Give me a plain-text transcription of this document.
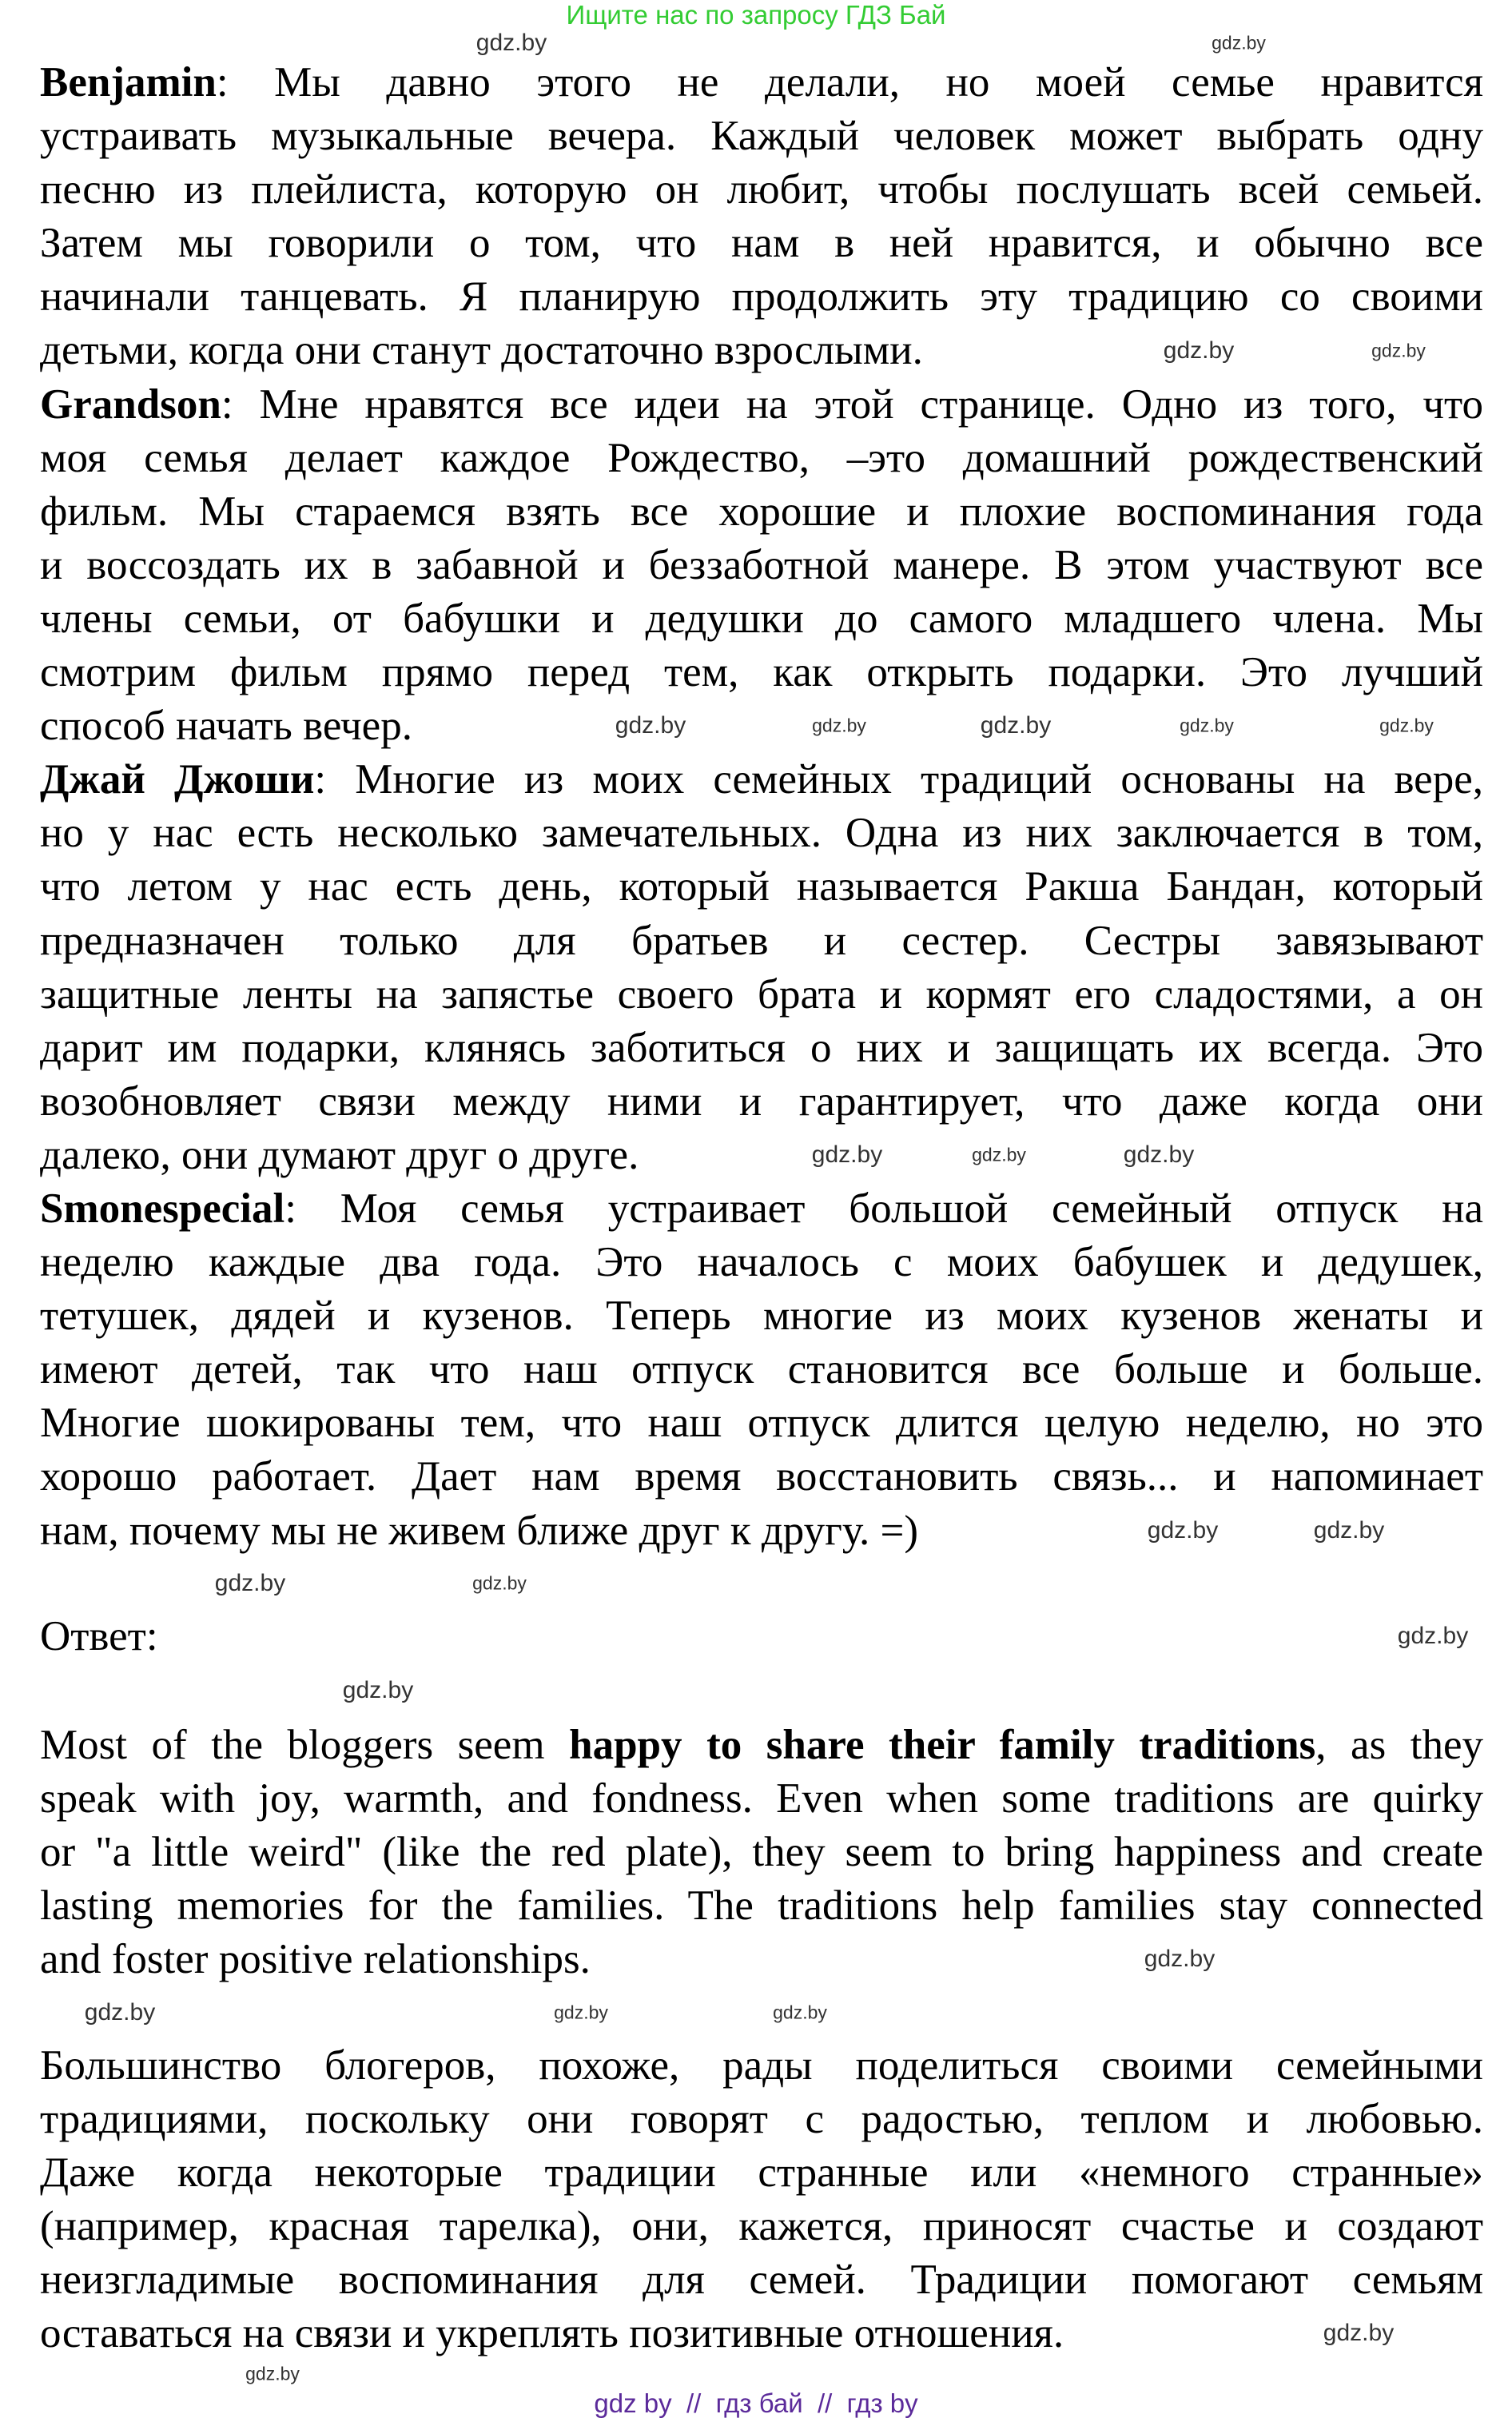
Ищите нас по запросу ГДЗ Бай
Benjamin: Мы давно этого не делали, но моей семье нравится
устраивать музыкальные вечера. Каждый человек может выбрать одну
песню из плейлиста, которую он любит, чтобы послушать всей семьей.
Затем мы говорили о том, что нам в ней нравится, и обычно все
начинали танцевать. Я планирую продолжить эту традицию со своими
детьми, когда они станут достаточно взрослыми.
Grandson: Мне нравятся все идеи на этой странице. Одно из того, что
моя семья делает каждое Рождество, –это домашний рождественский
фильм. Мы стараемся взять все хорошие и плохие воспоминания года
и воссоздать их в забавной и беззаботной манере. В этом участвуют все
члены семьи, от бабушки и дедушки до самого младшего члена. Мы
смотрим фильм прямо перед тем, как открыть подарки. Это лучший
способ начать вечер.
Джай Джоши: Многие из моих семейных традиций основаны на вере,
но у нас есть несколько замечательных. Одна из них заключается в том,
что летом у нас есть день, который называется Ракша Бандан, который
предназначен только для братьев и сестер. Сестры завязывают
защитные ленты на запястье своего брата и кормят его сладостями, а он
дарит им подарки, клянясь заботиться о них и защищать их всегда. Это
возобновляет связи между ними и гарантирует, что даже когда они
далеко, они думают друг о друге.
Smonespecial: Моя семья устраивает большой семейный отпуск на
неделю каждые два года. Это началось с моих бабушек и дедушек,
тетушек, дядей и кузенов. Теперь многие из моих кузенов женаты и
имеют детей, так что наш отпуск становится все больше и больше.
Многие шокированы тем, что наш отпуск длится целую неделю, но это
хорошо работает. Дает нам время восстановить связь... и напоминает
нам, почему мы не живем ближе друг к другу. =)
Ответ:
Most of the bloggers seem happy to share their family traditions, as they
speak with joy, warmth, and fondness. Even when some traditions are quirky
or "a little weird" (like the red plate), they seem to bring happiness and create
lasting memories for the families. The traditions help families stay connected
and foster positive relationships.
Большинство блогеров, похоже, рады поделиться своими семейными
традициями, поскольку они говорят с радостью, теплом и любовью.
Даже когда некоторые традиции странные или «немного странные»
(например, красная тарелка), они, кажется, приносят счастье и создают
неизгладимые воспоминания для семей. Традиции помогают семьям
оставаться на связи и укреплять позитивные отношения.
gdz.by	gdz.by
gdz.by
gdz.by
gdz.by	gdz.by
gdz.by	gdz.by	gdz.by
gdz.by
gdz.by	gdz.by
gdz.by
gdz.by
gdz.by
gdz.by
gdz.by
gdz.by
gdz.by
gdz.by	gdz.by	gdz.by
gdz.by
gdz.by
gdz by  //  гдз бай  //  гдз by
